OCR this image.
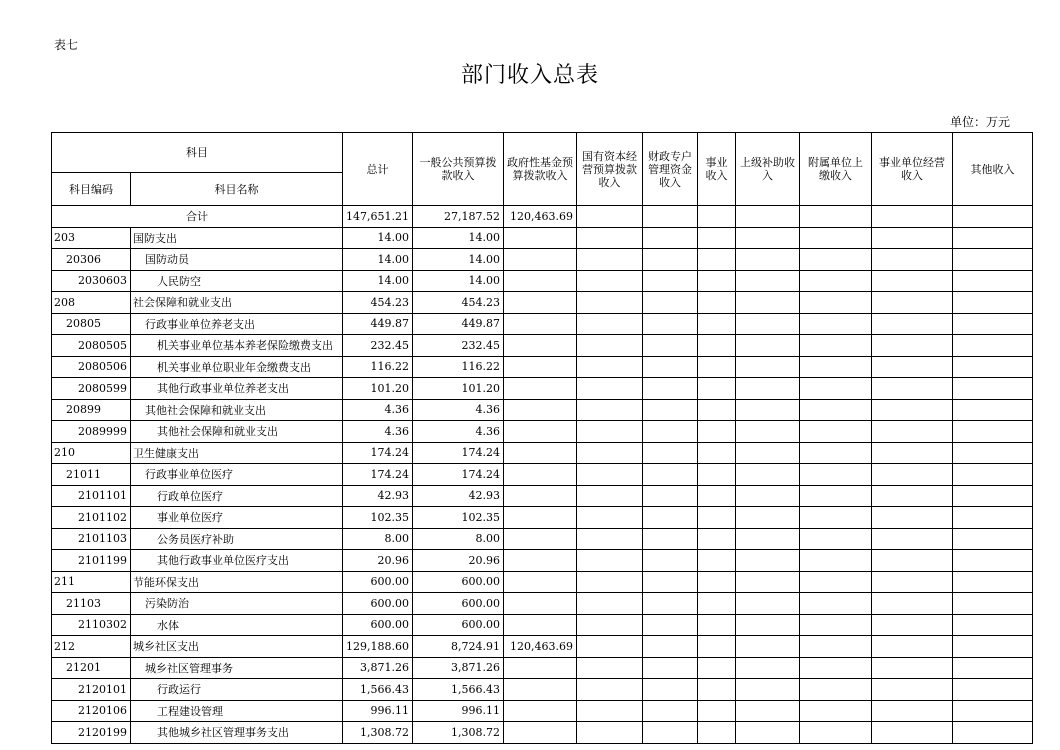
表七
部门收入总表
单位：万元
科目		总计	一般公共预算拨款收入	政府性基金预算拨款收入	国有资本经营预算拨款收入	财政专户管理资金收入	事业收入	上级补助收入	附属单位上缴收入	事业单位经营收入	其他收入
科目编码	科目名称										
合计		147,651.21	27,187.52	120,463.69							
203	国防支出	14.00	14.00								
20306	国防动员	14.00	14.00								
2030603	人民防空	14.00	14.00								
208	社会保障和就业支出	454.23	454.23								
20805	行政事业单位养老支出	449.87	449.87								
2080505	机关事业单位基本养老保险缴费支出	232.45	232.45								
2080506	机关事业单位职业年金缴费支出	116.22	116.22								
2080599	其他行政事业单位养老支出	101.20	101.20								
20899	其他社会保障和就业支出	4.36	4.36								
2089999	其他社会保障和就业支出	4.36	4.36								
210	卫生健康支出	174.24	174.24								
21011	行政事业单位医疗	174.24	174.24								
2101101	行政单位医疗	42.93	42.93								
2101102	事业单位医疗	102.35	102.35								
2101103	公务员医疗补助	8.00	8.00								
2101199	其他行政事业单位医疗支出	20.96	20.96								
211	节能环保支出	600.00	600.00								
21103	污染防治	600.00	600.00								
2110302	水体	600.00	600.00								
212	城乡社区支出	129,188.60	8,724.91	120,463.69							
21201	城乡社区管理事务	3,871.26	3,871.26								
2120101	行政运行	1,566.43	1,566.43								
2120106	工程建设管理	996.11	996.11								
2120199	其他城乡社区管理事务支出	1,308.72	1,308.72								
